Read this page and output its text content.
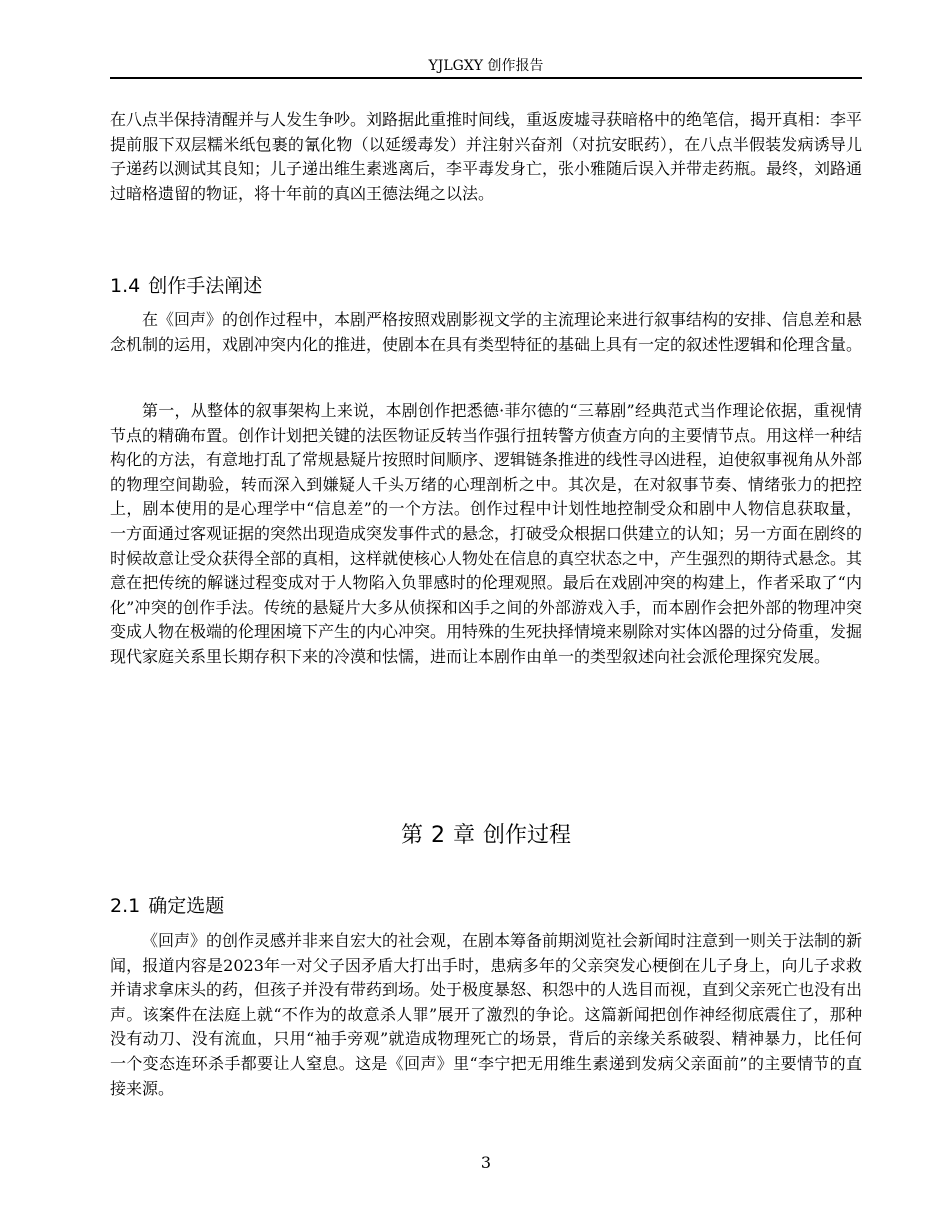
YJLGXY 创作报告

在八点半保持清醒并与人发生争吵。刘路据此重推时间线，重返废墟寻获暗格中的绝笔信，揭开真相：李平提前服下双层糯米纸包裹的氰化物（以延缓毒发）并注射兴奋剂（对抗安眠药），在八点半假装发病诱导儿子递药以测试其良知；儿子递出维生素逃离后，李平毒发身亡，张小雅随后误入并带走药瓶。最终，刘路通过暗格遗留的物证，将十年前的真凶王德法绳之以法。

1.4 创作手法阐述

在《回声》的创作过程中，本剧严格按照戏剧影视文学的主流理论来进行叙事结构的安排、信息差和悬念机制的运用，戏剧冲突内化的推进，使剧本在具有类型特征的基础上具有一定的叙述性逻辑和伦理含量。

第一，从整体的叙事架构上来说，本剧创作把悉德·菲尔德的“三幕剧”经典范式当作理论依据，重视情节点的精确布置。创作计划把关键的法医物证反转当作强行扭转警方侦查方向的主要情节点。用这样一种结构化的方法，有意地打乱了常规悬疑片按照时间顺序、逻辑链条推进的线性寻凶进程，迫使叙事视角从外部的物理空间勘验，转而深入到嫌疑人千头万绪的心理剖析之中。其次是，在对叙事节奏、情绪张力的把控上，剧本使用的是心理学中“信息差”的一个方法。创作过程中计划性地控制受众和剧中人物信息获取量，一方面通过客观证据的突然出现造成突发事件式的悬念，打破受众根据口供建立的认知；另一方面在剧终的时候故意让受众获得全部的真相，这样就使核心人物处在信息的真空状态之中，产生强烈的期待式悬念。其意在把传统的解谜过程变成对于人物陷入负罪感时的伦理观照。最后在戏剧冲突的构建上，作者采取了“内化”冲突的创作手法。传统的悬疑片大多从侦探和凶手之间的外部游戏入手，而本剧作会把外部的物理冲突变成人物在极端的伦理困境下产生的内心冲突。用特殊的生死抉择情境来剔除对实体凶器的过分倚重，发掘现代家庭关系里长期存积下来的冷漠和怯懦，进而让本剧作由单一的类型叙述向社会派伦理探究发展。

第 2 章 创作过程
2.1 确定选题

《回声》的创作灵感并非来自宏大的社会观，在剧本筹备前期浏览社会新闻时注意到一则关于法制的新闻，报道内容是2023年一对父子因矛盾大打出手时，患病多年的父亲突发心梗倒在儿子身上，向儿子求救并请求拿床头的药，但孩子并没有带药到场。处于极度暴怒、积怨中的人选目而视，直到父亲死亡也没有出声。该案件在法庭上就“不作为的故意杀人罪”展开了激烈的争论。这篇新闻把创作神经彻底震住了，那种没有动刀、没有流血，只用“袖手旁观”就造成物理死亡的场景，背后的亲缘关系破裂、精神暴力，比任何一个变态连环杀手都要让人窒息。这是《回声》里“李宁把无用维生素递到发病父亲面前”的主要情节的直接来源。

3
